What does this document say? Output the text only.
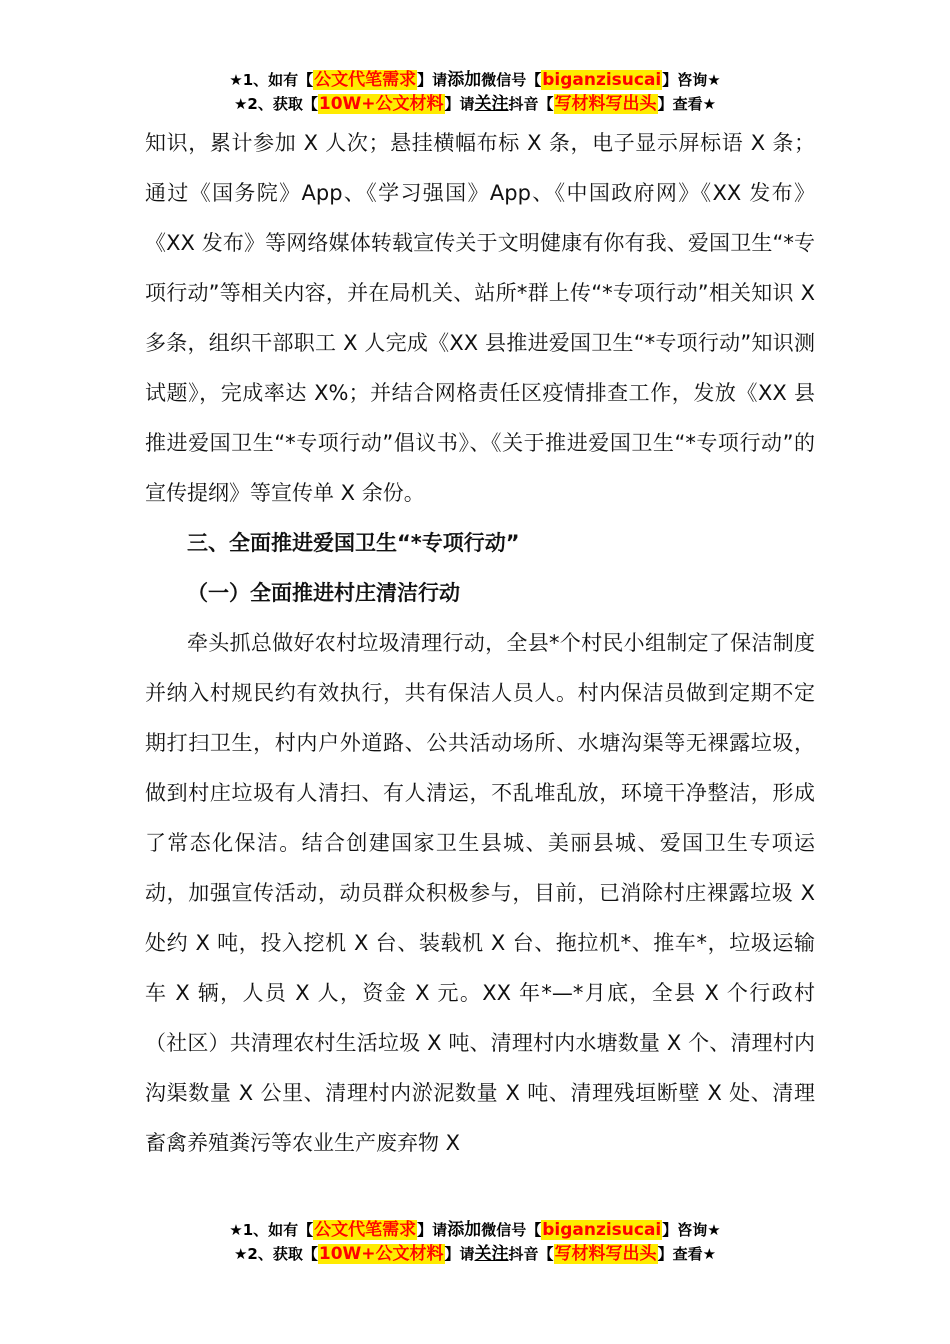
★1、如有【公文代笔需求】请添加微信号【biganzisucai】咨询★
★2、获取【10W+公文材料】请关注抖音【写材料写出头】查看★

知识，累计参加 X 人次；悬挂横幅布标 X 条，电子显示屏标语 X 条；通过《国务院》App、《学习强国》App、《中国政府网》《XX 发布》《XX 发布》等网络媒体转载宣传关于文明健康有你有我、爱国卫生“*专项行动”等相关内容，并在局机关、站所*群上传“*专项行动”相关知识 X 多条，组织干部职工 X 人完成《XX 县推进爱国卫生“*专项行动”知识测试题》，完成率达 X%；并结合网格责任区疫情排查工作，发放《XX 县推进爱国卫生“*专项行动”倡议书》、《关于推进爱国卫生“*专项行动”的宣传提纲》等宣传单 X 余份。

三、全面推进爱国卫生“*专项行动”

（一）全面推进村庄清洁行动

牵头抓总做好农村垃圾清理行动，全县*个村民小组制定了保洁制度并纳入村规民约有效执行，共有保洁人员人。村内保洁员做到定期不定期打扫卫生，村内户外道路、公共活动场所、水塘沟渠等无裸露垃圾，做到村庄垃圾有人清扫、有人清运，不乱堆乱放，环境干净整洁，形成了常态化保洁。结合创建国家卫生县城、美丽县城、爱国卫生专项运动，加强宣传活动，动员群众积极参与，目前，已消除村庄裸露垃圾 X 处约 X 吨，投入挖机 X 台、装载机 X 台、拖拉机*、推车*，垃圾运输车 X 辆，人员 X 人，资金 X 元。XX 年*—*月底，全县 X 个行政村（社区）共清理农村生活垃圾 X 吨、清理村内水塘数量 X 个、清理村内沟渠数量 X 公里、清理村内淤泥数量 X 吨、清理残垣断壁 X 处、清理畜禽养殖粪污等农业生产废弃物 X

★1、如有【公文代笔需求】请添加微信号【biganzisucai】咨询★
★2、获取【10W+公文材料】请关注抖音【写材料写出头】查看★
